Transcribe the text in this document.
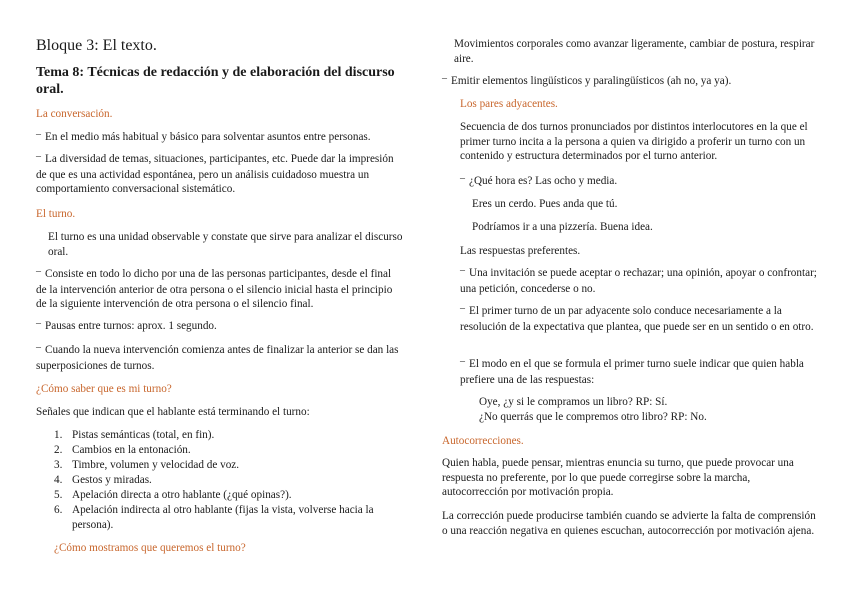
Bloque 3: El texto.
Tema 8: Técnicas de redacción y de elaboración del discurso oral.
La conversación.

‒ En el medio más habitual y básico para solventar asuntos entre personas.

‒ La diversidad de temas, situaciones, participantes, etc. Puede dar la impresión de que es una actividad espontánea, pero un análisis cuidadoso muestra un comportamiento conversacional sistemático.

El turno.

El turno es una unidad observable y constate que sirve para analizar el discurso oral.

‒ Consiste en todo lo dicho por una de las personas participantes, desde el final de la intervención anterior de otra persona o el silencio inicial hasta el principio de la siguiente intervención de otra persona o el silencio final.

‒ Pausas entre turnos: aprox. 1 segundo.

‒ Cuando la nueva intervención comienza antes de finalizar la anterior se dan las superposiciones de turnos.

¿Cómo saber que es mi turno?

Señales que indican que el hablante está terminando el turno:

1. Pistas semánticas (total, en fin).
2. Cambios en la entonación.
3. Timbre, volumen y velocidad de voz.
4. Gestos y miradas.
5. Apelación directa a otro hablante (¿qué opinas?).
6. Apelación indirecta al otro hablante (fijas la vista, volverse hacia la persona).
¿Cómo mostramos que queremos el turno?

Movimientos corporales como avanzar ligeramente, cambiar de postura, respirar aire.

‒ Emitir elementos lingüísticos y paralingüísticos (ah no, ya ya).

Los pares adyacentes.

Secuencia de dos turnos pronunciados por distintos interlocutores en la que el primer turno incita a la persona a quien va dirigido a proferir un turno con un contenido y estructura determinados por el turno anterior.

‒ ¿Qué hora es? Las ocho y media.

Eres un cerdo. Pues anda que tú.

Podríamos ir a una pizzería. Buena idea.

Las respuestas preferentes.

‒ Una invitación se puede aceptar o rechazar; una opinión, apoyar o confrontar; una petición, concederse o no.

‒ El primer turno de un par adyacente solo conduce necesariamente a la resolución de la expectativa que plantea, que puede ser en un sentido o en otro.

‒ El modo en el que se formula el primer turno suele indicar que quien habla prefiere una de las respuestas:

Oye, ¿y si le compramos un libro? RP: Sí.

¿No querrás que le compremos otro libro? RP: No.

Autocorrecciones.

Quien habla, puede pensar, mientras enuncia su turno, que puede provocar una respuesta no preferente, por lo que puede corregirse sobre la marcha, autocorrección por motivación propia.

La corrección puede producirse también cuando se advierte la falta de comprensión o una reacción negativa en quienes escuchan, autocorrección por motivación ajena.
